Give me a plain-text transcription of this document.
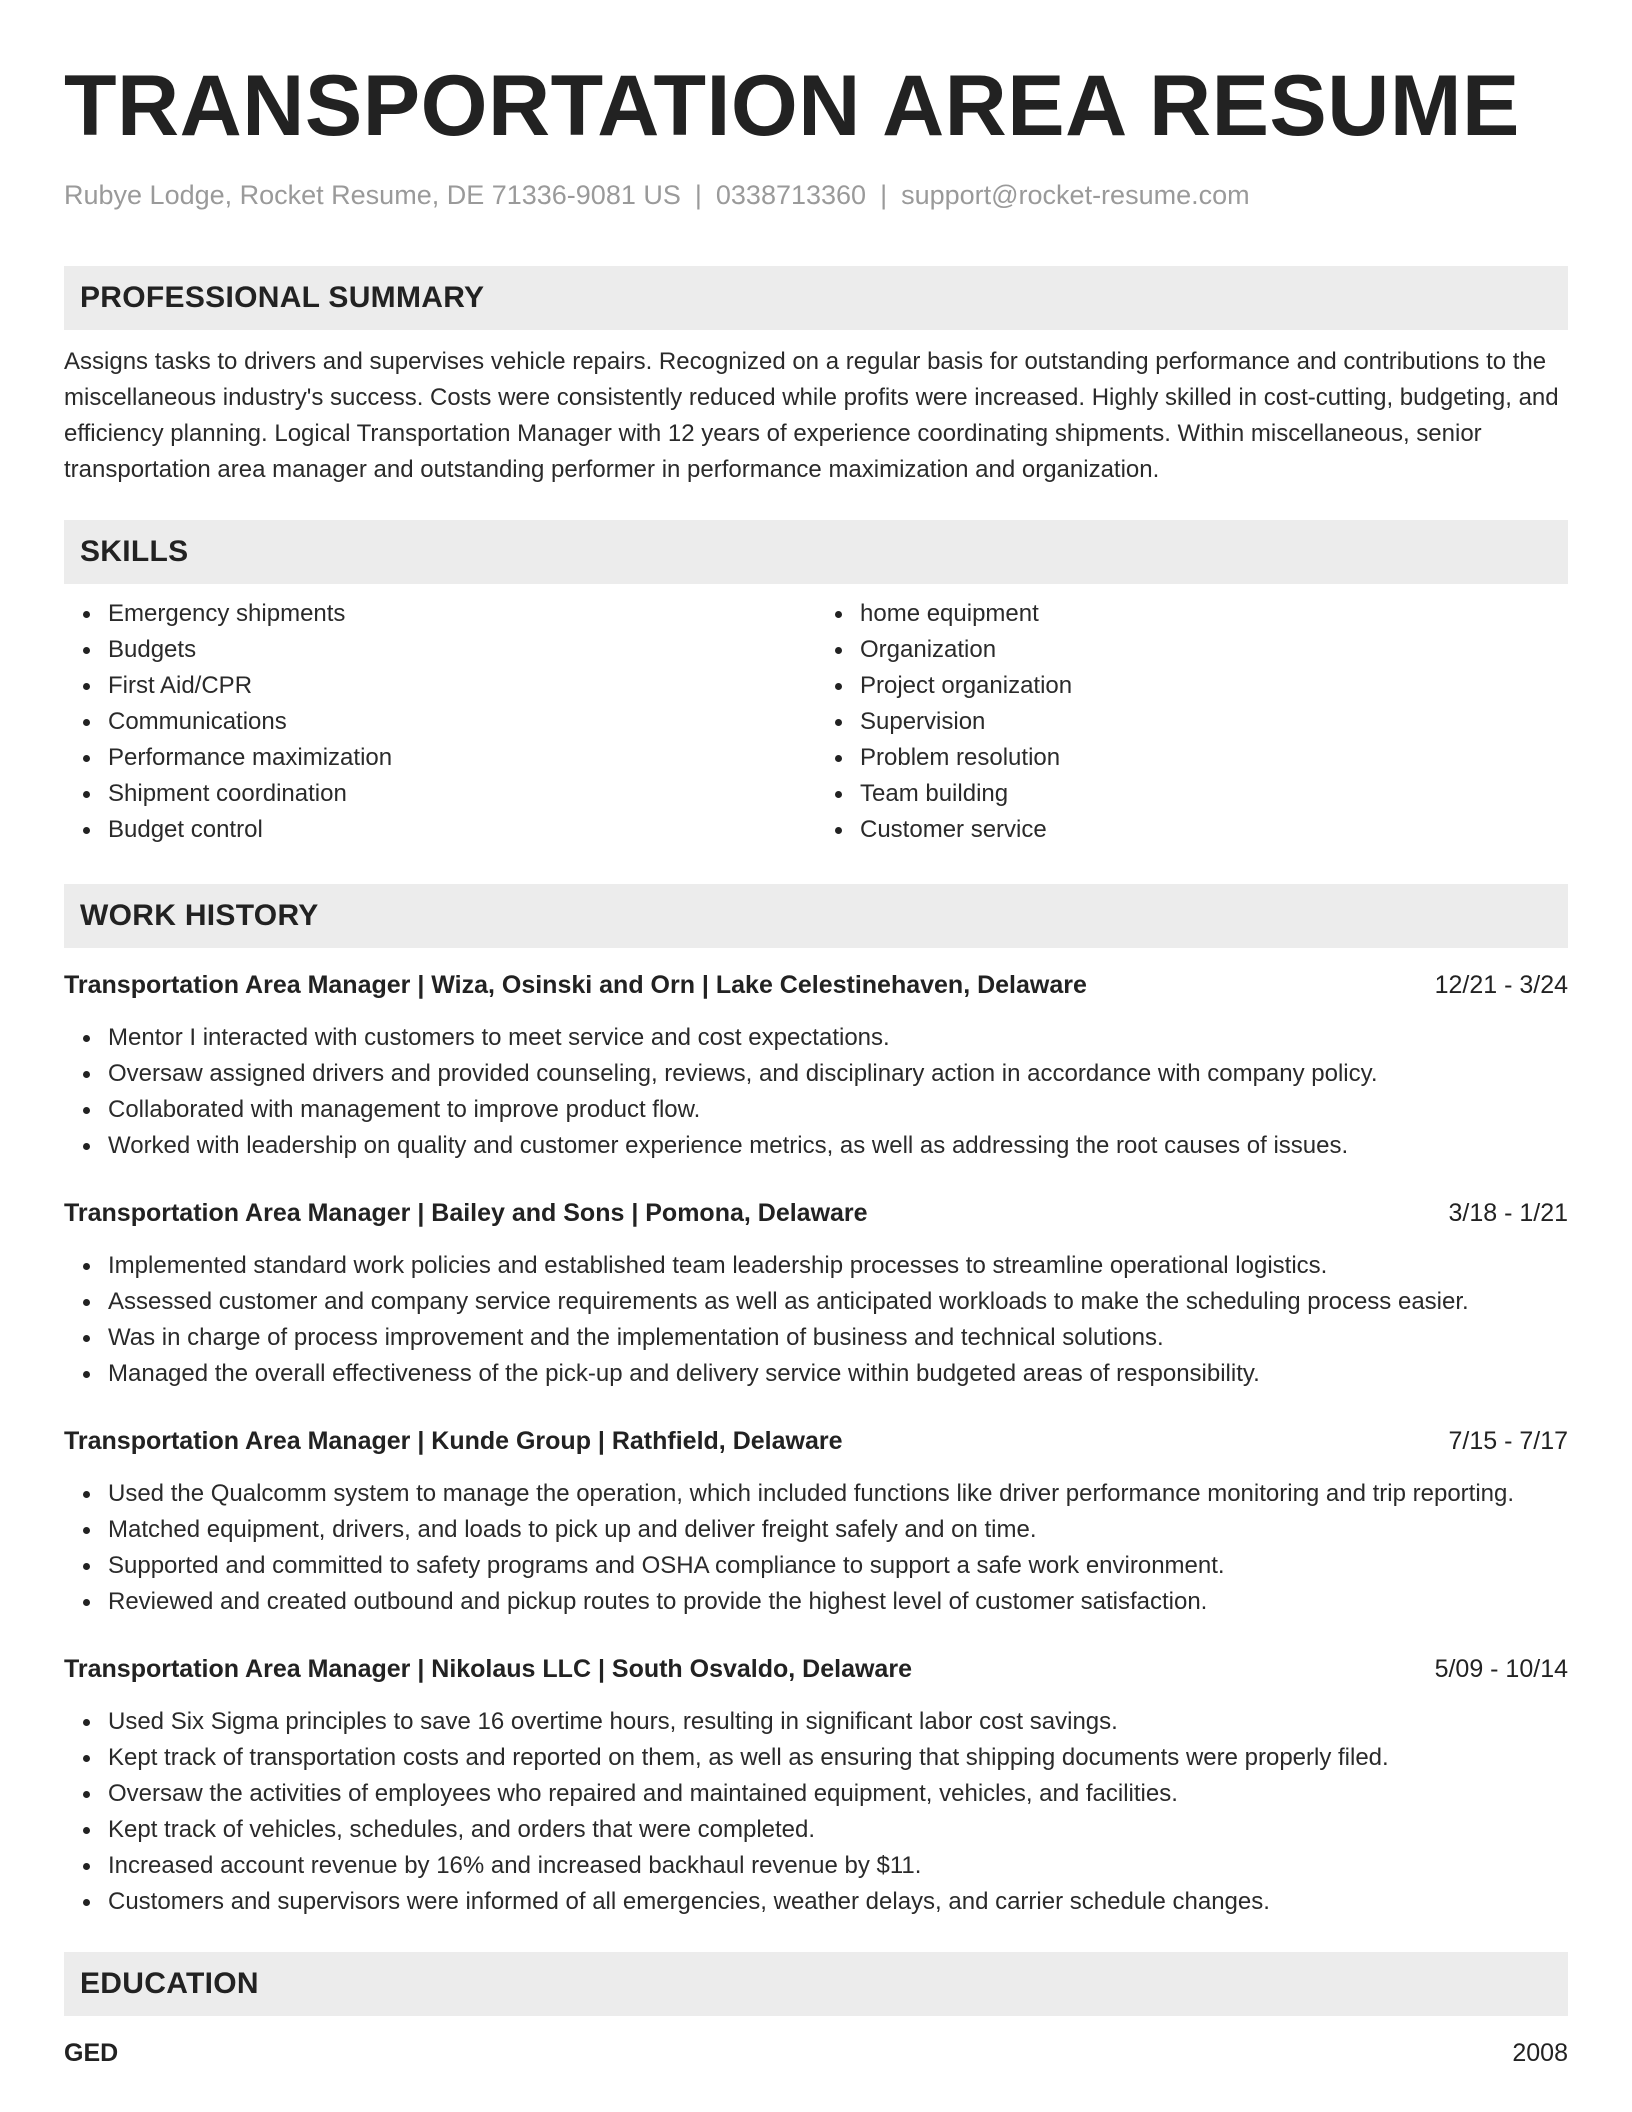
TRANSPORTATION AREA RESUME
Rubye Lodge, Rocket Resume, DE 71336-9081 US | 0338713360 | support@rocket-resume.com
PROFESSIONAL SUMMARY

Assigns tasks to drivers and supervises vehicle repairs. Recognized on a regular basis for outstanding performance and contributions to the miscellaneous industry's success. Costs were consistently reduced while profits were increased. Highly skilled in cost-cutting, budgeting, and efficiency planning. Logical Transportation Manager with 12 years of experience coordinating shipments. Within miscellaneous, senior transportation area manager and outstanding performer in performance maximization and organization.

SKILLS
Emergency shipments
Budgets
First Aid/CPR
Communications
Performance maximization
Shipment coordination
Budget control
home equipment
Organization
Project organization
Supervision
Problem resolution
Team building
Customer service
WORK HISTORY
Transportation Area Manager | Wiza, Osinski and Orn | Lake Celestinehaven, Delaware	12/21 - 3/24
Mentor I interacted with customers to meet service and cost expectations.
Oversaw assigned drivers and provided counseling, reviews, and disciplinary action in accordance with company policy.
Collaborated with management to improve product flow.
Worked with leadership on quality and customer experience metrics, as well as addressing the root causes of issues.
Transportation Area Manager | Bailey and Sons | Pomona, Delaware	3/18 - 1/21
Implemented standard work policies and established team leadership processes to streamline operational logistics.
Assessed customer and company service requirements as well as anticipated workloads to make the scheduling process easier.
Was in charge of process improvement and the implementation of business and technical solutions.
Managed the overall effectiveness of the pick-up and delivery service within budgeted areas of responsibility.
Transportation Area Manager | Kunde Group | Rathfield, Delaware	7/15 - 7/17
Used the Qualcomm system to manage the operation, which included functions like driver performance monitoring and trip reporting.
Matched equipment, drivers, and loads to pick up and deliver freight safely and on time.
Supported and committed to safety programs and OSHA compliance to support a safe work environment.
Reviewed and created outbound and pickup routes to provide the highest level of customer satisfaction.
Transportation Area Manager | Nikolaus LLC | South Osvaldo, Delaware	5/09 - 10/14
Used Six Sigma principles to save 16 overtime hours, resulting in significant labor cost savings.
Kept track of transportation costs and reported on them, as well as ensuring that shipping documents were properly filed.
Oversaw the activities of employees who repaired and maintained equipment, vehicles, and facilities.
Kept track of vehicles, schedules, and orders that were completed.
Increased account revenue by 16% and increased backhaul revenue by $11.
Customers and supervisors were informed of all emergencies, weather delays, and carrier schedule changes.
EDUCATION
GED	2008
